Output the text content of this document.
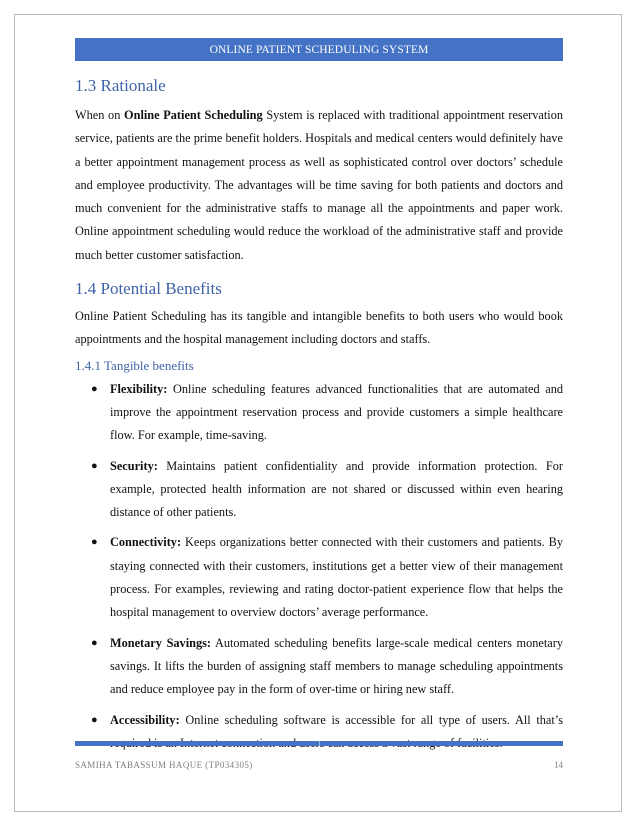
ONLINE PATIENT SCHEDULING SYSTEM
1.3 Rationale

When on Online Patient Scheduling System is replaced with traditional appointment reservation service, patients are the prime benefit holders. Hospitals and medical centers would definitely have a better appointment management process as well as sophisticated control over doctors’ schedule and employee productivity. The advantages will be time saving for both patients and doctors and much convenient for the administrative staffs to manage all the appointments and paper work. Online appointment scheduling would reduce the workload of the administrative staff and provide much better customer satisfaction.

1.4 Potential Benefits

Online Patient Scheduling has its tangible and intangible benefits to both users who would book appointments and the hospital management including doctors and staffs.

1.4.1 Tangible benefits
● Flexibility: Online scheduling features advanced functionalities that are automated and improve the appointment reservation process and provide customers a simple healthcare flow. For example, time-saving.
● Security: Maintains patient confidentiality and provide information protection. For example, protected health information are not shared or discussed within even hearing distance of other patients.
● Connectivity: Keeps organizations better connected with their customers and patients. By staying connected with their customers, institutions get a better view of their management process. For examples, reviewing and rating doctor-patient experience flow that helps the hospital management to overview doctors’ average performance.
● Monetary Savings: Automated scheduling benefits large-scale medical centers monetary savings. It lifts the burden of assigning staff members to manage scheduling appointments and reduce employee pay in the form of over-time or hiring new staff.
● Accessibility: Online scheduling software is accessible for all type of users. All that’s
SAMIHA TABASSUM HAQUE (TP034305)	14
